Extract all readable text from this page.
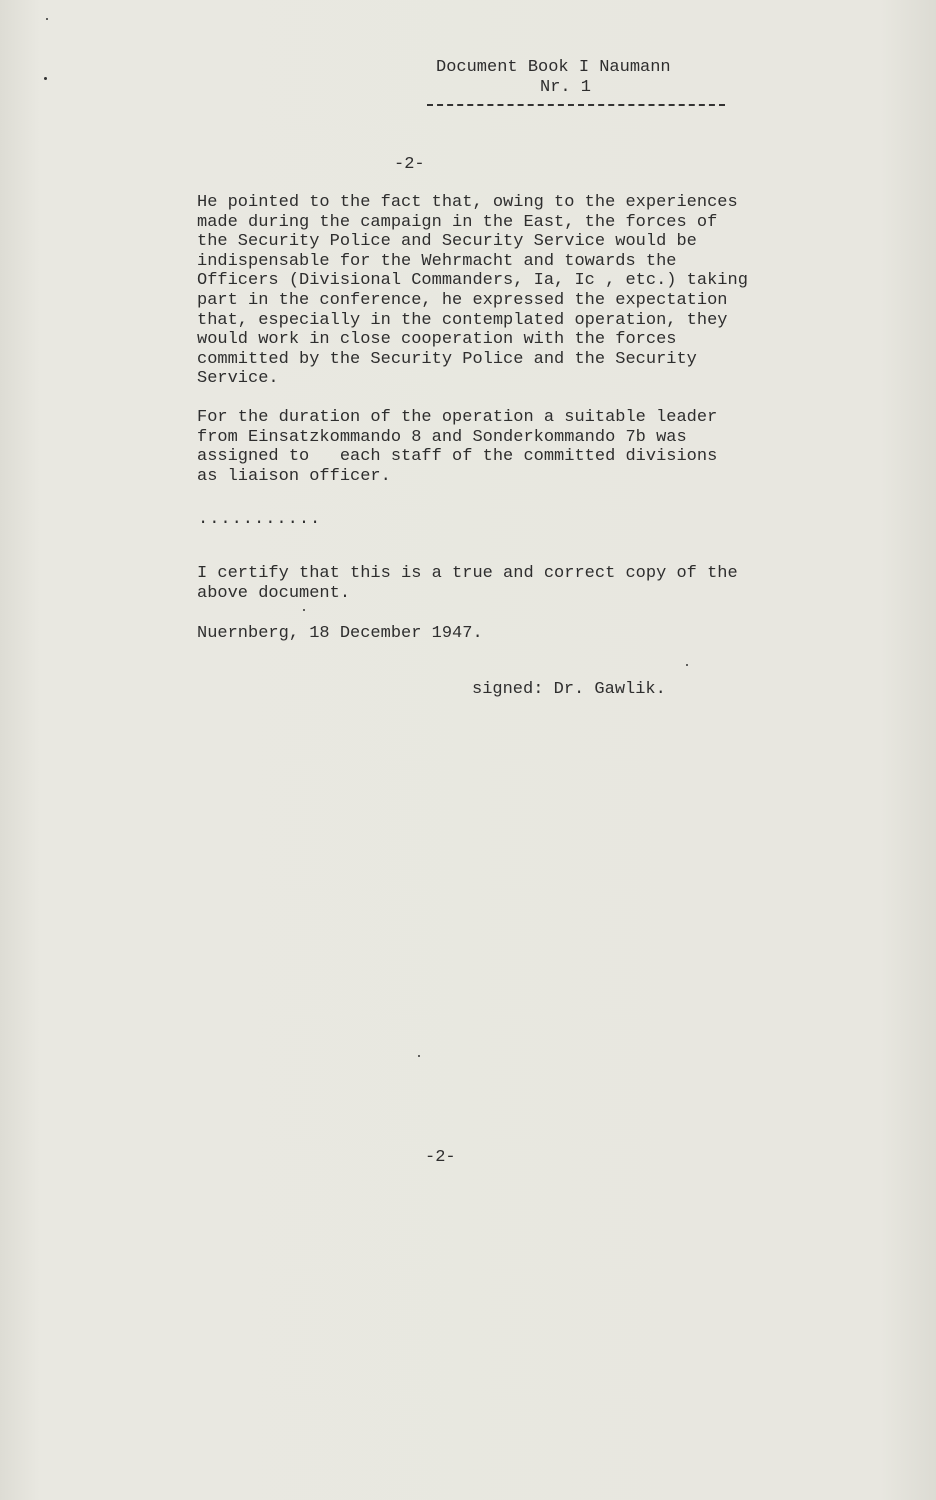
Document Book I Naumann
Nr. 1
-2-
He pointed to the fact that, owing to the experiences
made during the campaign in the East, the forces of
the Security Police and Security Service would be
indispensable for the Wehrmacht and towards the
Officers (Divisional Commanders, Ia, Ic , etc.) taking
part in the conference, he expressed the expectation
that, especially in the contemplated operation, they
would work in close cooperation with the forces
committed by the Security Police and the Security
Service.
For the duration of the operation a suitable leader
from Einsatzkommando 8 and Sonderkommando 7b was
assigned to   each staff of the committed divisions
as liaison officer.
...........
I certify that this is a true and correct copy of the
above document.
Nuernberg, 18 December 1947.
signed: Dr. Gawlik.
-2-
